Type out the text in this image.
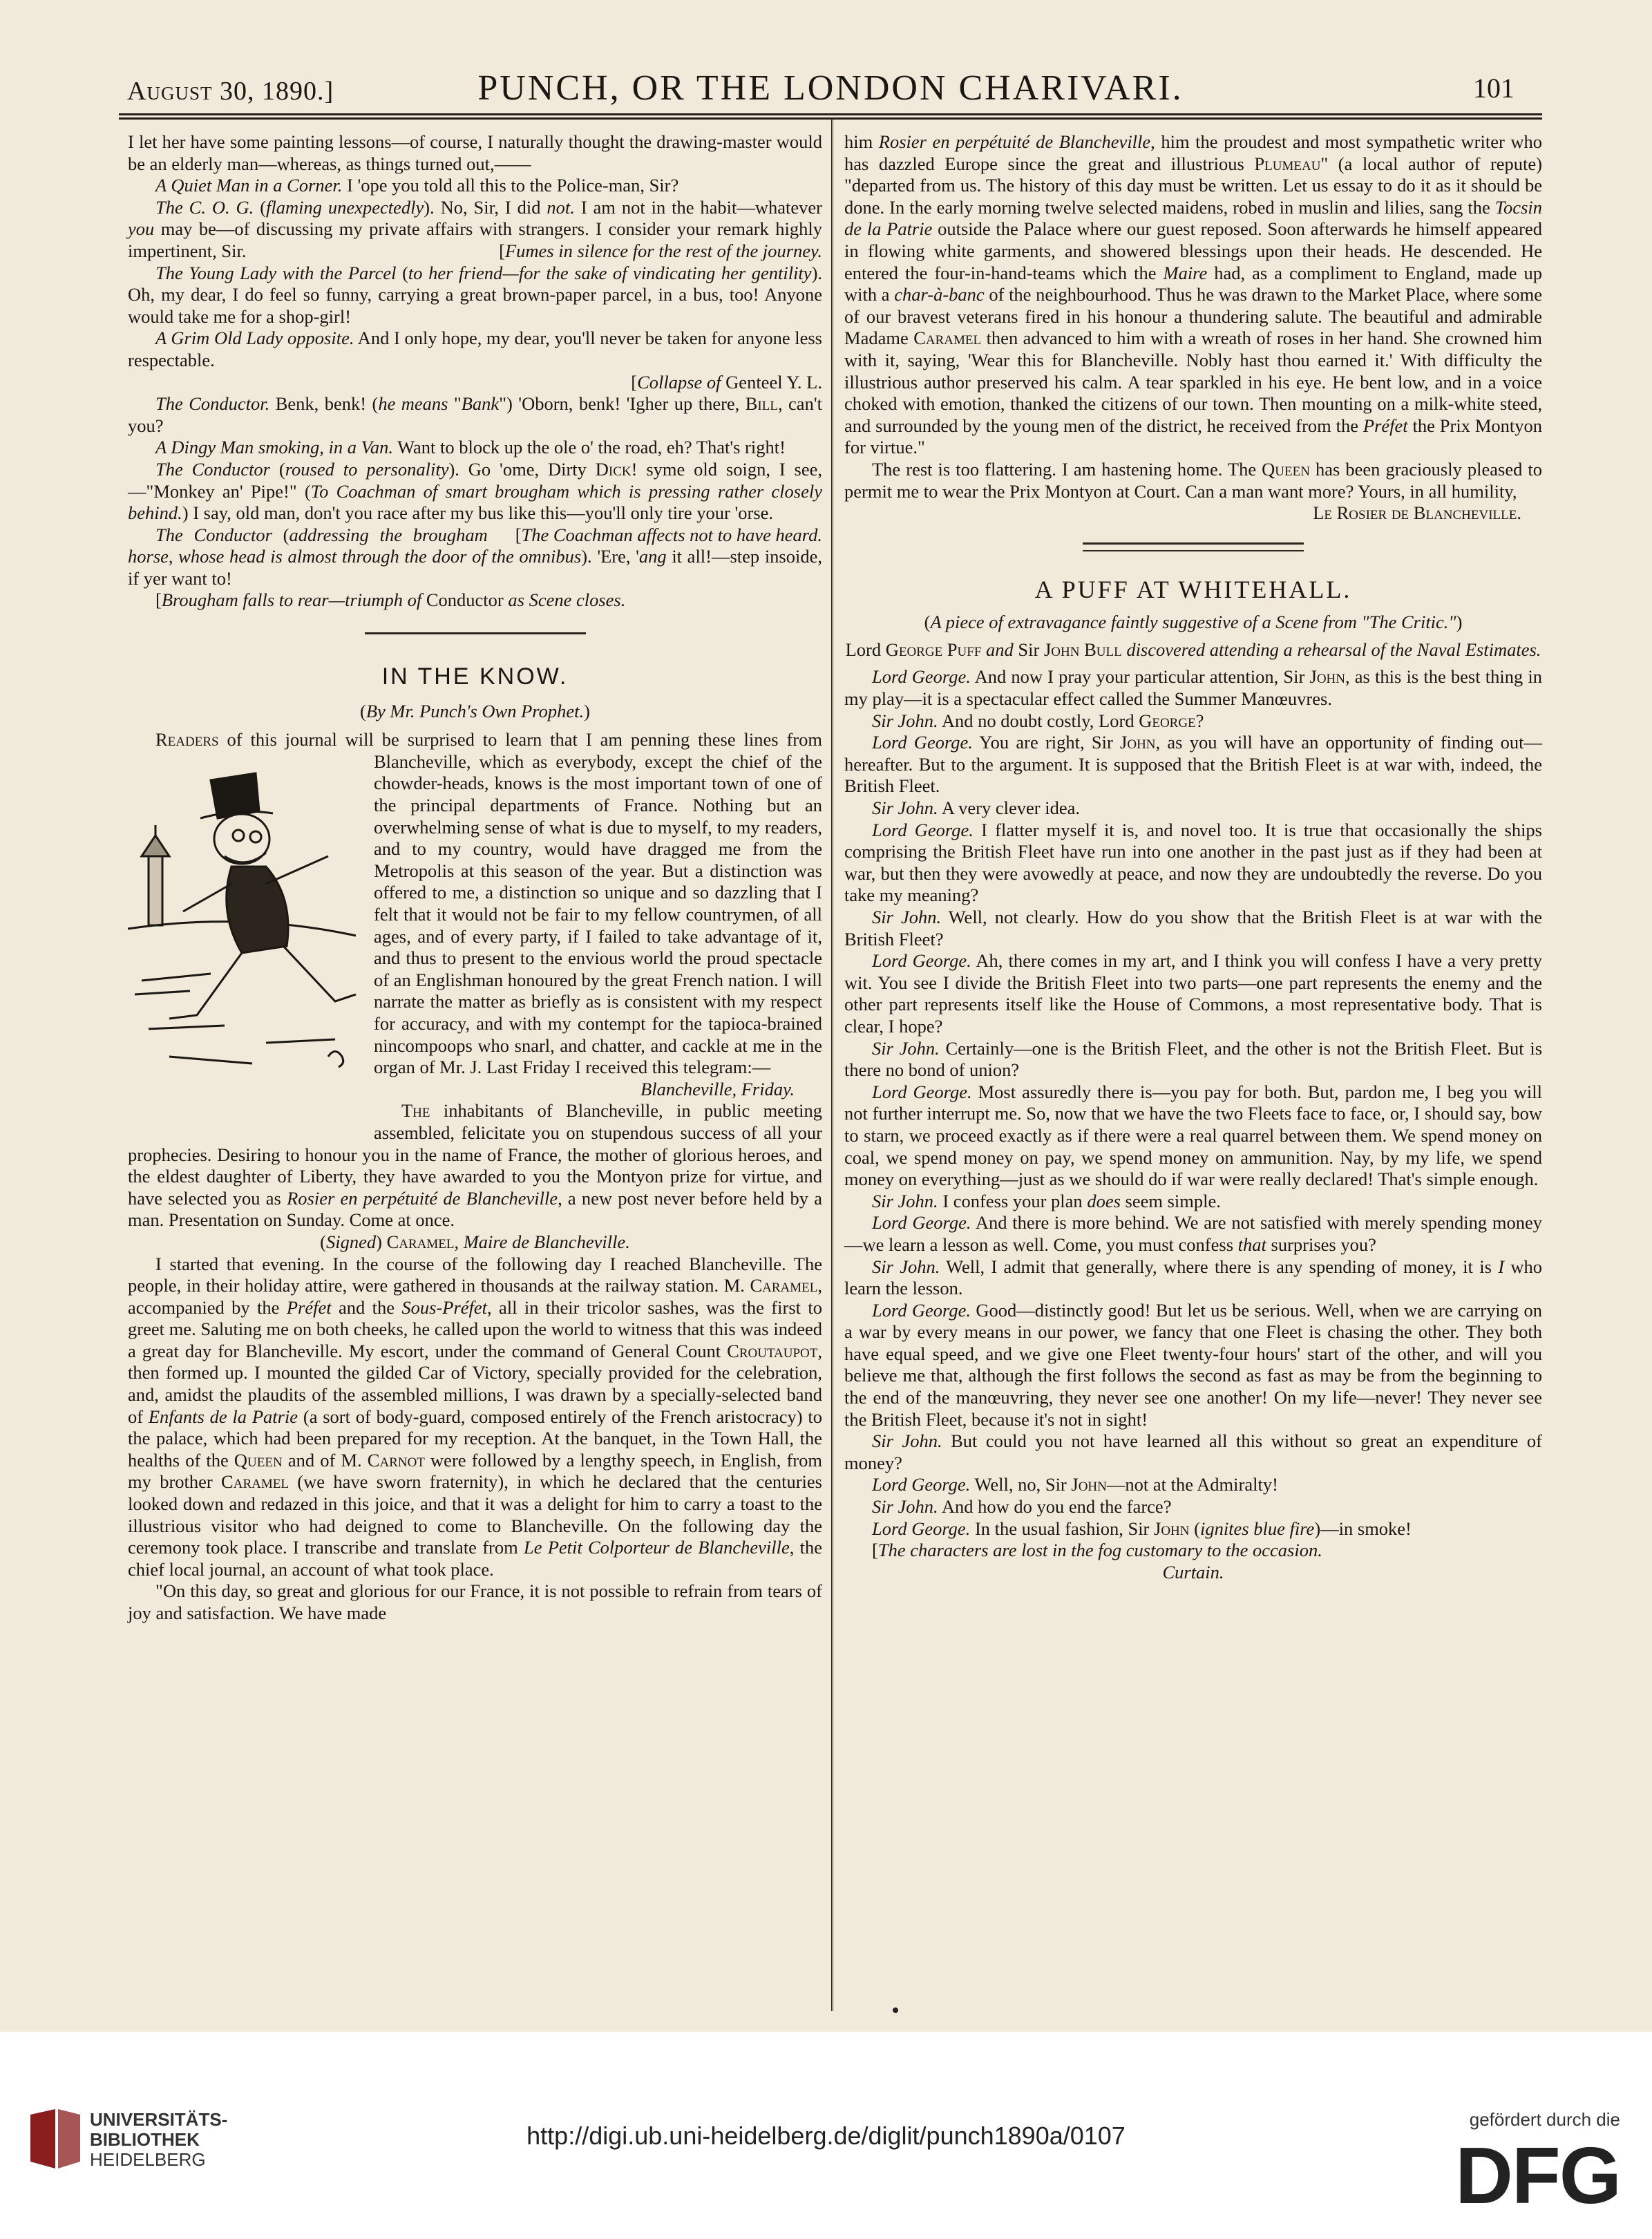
August 30, 1890.]	PUNCH, OR THE LONDON CHARIVARI.	101

I let her have some painting lessons—of course, I naturally thought the drawing-master would be an elderly man—whereas, as things turned out,——

A Quiet Man in a Corner. I 'ope you told all this to the Police-man, Sir?

The C. O. G. (flaming unexpectedly). No, Sir, I did not. I am not in the habit—whatever you may be—of discussing my private affairs with strangers. I consider your remark highly impertinent, Sir.	[Fumes in silence for the rest of the journey.

The Young Lady with the Parcel (to her friend—for the sake of vindicating her gentility). Oh, my dear, I do feel so funny, carrying a great brown-paper parcel, in a bus, too! Anyone would take me for a shop-girl!

A Grim Old Lady opposite. And I only hope, my dear, you'll never be taken for anyone less respectable.

[Collapse of Genteel Y. L.

The Conductor. Benk, benk! (he means "Bank") 'Oborn, benk! 'Igher up there, Bill, can't you?

A Dingy Man smoking, in a Van. Want to block up the ole o' the road, eh? That's right!

The Conductor (roused to personality). Go 'ome, Dirty Dick! syme old soign, I see,—"Monkey an' Pipe!" (To Coachman of smart brougham which is pressing rather closely behind.) I say, old man, don't you race after my bus like this—you'll only tire your 'orse.
[The Coachman affects not to have heard.

The Conductor (addressing the brougham horse, whose head is almost through the door of the omnibus). 'Ere, 'ang it all!—step insoide, if yer want to!

[Brougham falls to rear—triumph of Conductor as Scene closes.

IN THE KNOW.

(By Mr. Punch's Own Prophet.)

Readers of this journal will be surprised to learn that I am penning these lines from Blancheville, which as everybody, except
the chief of the chowder-heads, knows is the most important town of one of the principal departments of France. Nothing but an overwhelming sense of what is due to myself, to my readers, and to my country, would have dragged me from the Metropolis at this season of the year. But a distinction was offered to me, a distinction so unique and so dazzling that I felt that it would not be fair to my fellow countrymen, of all ages, and of every party, if I failed to take advantage of it, and thus to present to the envious world the proud spectacle of an Englishman honoured by the great French nation. I will narrate the matter as briefly as is consistent with my respect for accuracy, and with my contempt for the tapioca-brained nincompoops who snarl, and chatter, and cackle at me in the organ of Mr. J. Last Friday I received this telegram:—

Blancheville, Friday.

The inhabitants of Blancheville, in public meeting assembled, felicitate you on stupendous success of all your prophecies. Desiring to honour you in the name of France, the mother of glorious heroes, and the eldest daughter of Liberty, they have awarded to you the Montyon prize for virtue, and have selected you as Rosier en perpétuité de Blancheville, a new post never before held by a man. Presentation on Sunday. Come at once.

(Signed) Caramel, Maire de Blancheville.

I started that evening. In the course of the following day I reached Blancheville. The people, in their holiday attire, were gathered in thousands at the railway station. M. Caramel, accompanied by the Préfet and the Sous-Préfet, all in their tricolor sashes, was the first to greet me. Saluting me on both cheeks, he called upon the world to witness that this was indeed a great day for Blancheville. My escort, under the command of General Count Croutaupot, then formed up. I mounted the gilded Car of Victory, specially provided for the celebration, and, amidst the plaudits of the assembled millions, I was drawn by a specially-selected band of Enfants de la Patrie (a sort of body-guard, composed entirely of the French aristocracy) to the palace, which had been prepared for my reception. At the banquet, in the Town Hall, the healths of the Queen and of M. Carnot were followed by a lengthy speech, in English, from my brother Caramel (we have sworn fraternity), in which he declared that the centuries looked down and redazed in this joice, and that it was a delight for him to carry a toast to the illustrious visitor who had deigned to come to Blancheville. On the following day the ceremony took place. I transcribe and translate from Le Petit Colporteur de Blancheville, the chief local journal, an account of what took place.

"On this day, so great and glorious for our France, it is not possible to refrain from tears of joy and satisfaction. We have made

him Rosier en perpétuité de Blancheville, him the proudest and most sympathetic writer who has dazzled Europe since the great and illustrious Plumeau" (a local author of repute) "departed from us. The history of this day must be written. Let us essay to do it as it should be done. In the early morning twelve selected maidens, robed in muslin and lilies, sang the Tocsin de la Patrie outside the Palace where our guest reposed. Soon afterwards he himself appeared in flowing white garments, and showered blessings upon their heads. He descended. He entered the four-in-hand-teams which the Maire had, as a compliment to England, made up with a char-à-banc of the neighbourhood. Thus he was drawn to the Market Place, where some of our bravest veterans fired in his honour a thundering salute. The beautiful and admirable Madame Caramel then advanced to him with a wreath of roses in her hand. She crowned him with it, saying, 'Wear this for Blancheville. Nobly hast thou earned it.' With difficulty the illustrious author preserved his calm. A tear sparkled in his eye. He bent low, and in a voice choked with emotion, thanked the citizens of our town. Then mounting on a milk-white steed, and surrounded by the young men of the district, he received from the Préfet the Prix Montyon for virtue."

The rest is too flattering. I am hastening home. The Queen has been graciously pleased to permit me to wear the Prix Montyon at Court. Can a man want more? Yours, in all humility,

Le Rosier de Blancheville.

A PUFF AT WHITEHALL.

(A piece of extravagance faintly suggestive of a Scene from "The Critic.")

Lord George Puff and Sir John Bull discovered attending a rehearsal of the Naval Estimates.

Lord George. And now I pray your particular attention, Sir John, as this is the best thing in my play—it is a spectacular effect called the Summer Manœuvres.

Sir John. And no doubt costly, Lord George?

Lord George. You are right, Sir John, as you will have an opportunity of finding out—hereafter. But to the argument. It is supposed that the British Fleet is at war with, indeed, the British Fleet.

Sir John. A very clever idea.

Lord George. I flatter myself it is, and novel too. It is true that occasionally the ships comprising the British Fleet have run into one another in the past just as if they had been at war, but then they were avowedly at peace, and now they are undoubtedly the reverse. Do you take my meaning?

Sir John. Well, not clearly. How do you show that the British Fleet is at war with the British Fleet?

Lord George. Ah, there comes in my art, and I think you will confess I have a very pretty wit. You see I divide the British Fleet into two parts—one part represents the enemy and the other part represents itself like the House of Commons, a most representative body. That is clear, I hope?

Sir John. Certainly—one is the British Fleet, and the other is not the British Fleet. But is there no bond of union?

Lord George. Most assuredly there is—you pay for both. But, pardon me, I beg you will not further interrupt me. So, now that we have the two Fleets face to face, or, I should say, bow to starn, we proceed exactly as if there were a real quarrel between them. We spend money on coal, we spend money on pay, we spend money on ammunition. Nay, by my life, we spend money on everything—just as we should do if war were really declared! That's simple enough.

Sir John. I confess your plan does seem simple.

Lord George. And there is more behind. We are not satisfied with merely spending money—we learn a lesson as well. Come, you must confess that surprises you?

Sir John. Well, I admit that generally, where there is any spending of money, it is I who learn the lesson.

Lord George. Good—distinctly good! But let us be serious. Well, when we are carrying on a war by every means in our power, we fancy that one Fleet is chasing the other. They both have equal speed, and we give one Fleet twenty-four hours' start of the other, and will you believe me that, although the first follows the second as fast as may be from the beginning to the end of the manœuvring, they never see one another! On my life—never! They never see the British Fleet, because it's not in sight!

Sir John. But could you not have learned all this without so great an expenditure of money?

Lord George. Well, no, Sir John—not at the Admiralty!

Sir John. And how do you end the farce?

Lord George. In the usual fashion, Sir John (ignites blue fire)—in smoke!

[The characters are lost in the fog customary to the occasion.

Curtain.

UNIVERSITÄTS-
BIBLIOTHEK
HEIDELBERG
http://digi.ub.uni-heidelberg.de/diglit/punch1890a/0107
gefördert durch die
DFG
